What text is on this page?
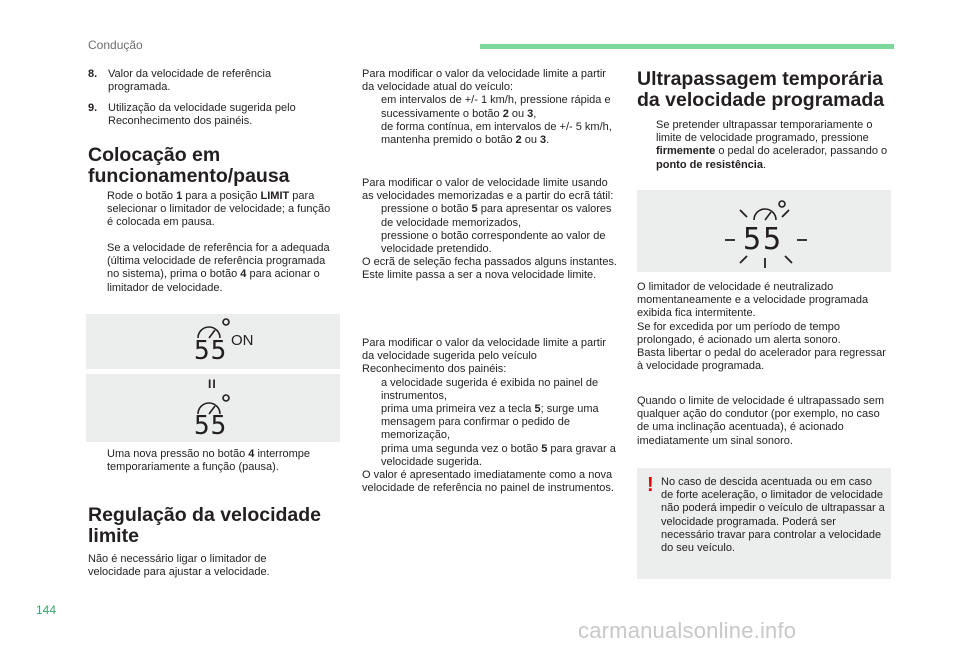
Condução
8. Valor da velocidade de referência programada.
9. Utilização da velocidade sugerida pelo Reconhecimento dos painéis.
Colocação em funcionamento/pausa
Rode o botão 1 para a posição LIMIT para selecionar o limitador de velocidade; a função é colocada em pausa.
Se a velocidade de referência for a adequada (última velocidade de referência programada no sistema), prima o botão 4 para acionar o limitador de velocidade.
55 ON
II
55
Uma nova pressão no botão 4 interrompe temporariamente a função (pausa).
Regulação da velocidade limite
Não é necessário ligar o limitador de velocidade para ajustar a velocidade.
Para modificar o valor da velocidade limite a partir da velocidade atual do veículo:
em intervalos de +/- 1 km/h, pressione rápida e sucessivamente o botão 2 ou 3,
de forma contínua, em intervalos de +/- 5 km/h, mantenha premido o botão 2 ou 3.
Para modificar o valor de velocidade limite usando as velocidades memorizadas e a partir do ecrã tátil:
pressione o botão 5 para apresentar os valores de velocidade memorizados,
pressione o botão correspondente ao valor de velocidade pretendido.
O ecrã de seleção fecha passados alguns instantes.
Este limite passa a ser a nova velocidade limite.
Para modificar o valor da velocidade limite a partir da velocidade sugerida pelo veículo Reconhecimento dos painéis:
a velocidade sugerida é exibida no painel de instrumentos,
prima uma primeira vez a tecla 5; surge uma mensagem para confirmar o pedido de memorização,
prima uma segunda vez o botão 5 para gravar a velocidade sugerida.
O valor é apresentado imediatamente como a nova velocidade de referência no painel de instrumentos.
Ultrapassagem temporária da velocidade programada
Se pretender ultrapassar temporariamente o limite de velocidade programado, pressione firmemente o pedal do acelerador, passando o ponto de resistência.
55
O limitador de velocidade é neutralizado momentaneamente e a velocidade programada exibida fica intermitente.
Se for excedida por um período de tempo prolongado, é acionado um alerta sonoro.
Basta libertar o pedal do acelerador para regressar à velocidade programada.
Quando o limite de velocidade é ultrapassado sem qualquer ação do condutor (por exemplo, no caso de uma inclinação acentuada), é acionado imediatamente um sinal sonoro.
! No caso de descida acentuada ou em caso de forte aceleração, o limitador de velocidade não poderá impedir o veículo de ultrapassar a velocidade programada. Poderá ser necessário travar para controlar a velocidade do seu veículo.
144
carmanualsonline.info
